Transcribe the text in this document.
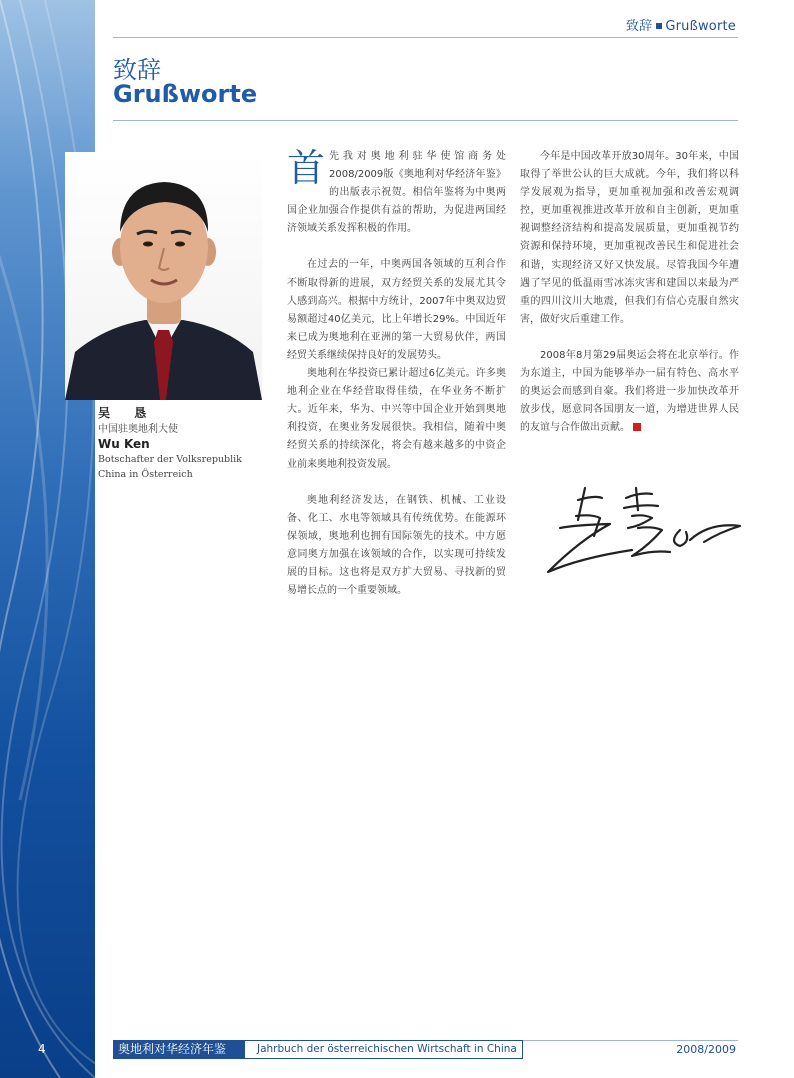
致辞 Grußworte
致辞
Grußworte
吴 恳
中国驻奥地利大使
Wu Ken
Botschafter der Volksrepublik China in Österreich

首先我对奥地利驻华使馆商务处2008/2009版《奥地利对华经济年鉴》的出版表示祝贺。相信年鉴将为中奥两国企业加强合作提供有益的帮助，为促进两国经济领域关系发挥积极的作用。

在过去的一年，中奥两国各领域的互利合作不断取得新的进展，双方经贸关系的发展尤其令人感到高兴。根据中方统计，2007年中奥双边贸易额超过40亿美元，比上年增长29%。中国近年来已成为奥地利在亚洲的第一大贸易伙伴，两国经贸关系继续保持良好的发展势头。

奥地利在华投资已累计超过6亿美元。许多奥地利企业在华经营取得佳绩，在华业务不断扩大。近年来，华为、中兴等中国企业开始到奥地利投资，在奥业务发展很快。我相信，随着中奥经贸关系的持续深化，将会有越来越多的中资企业前来奥地利投资发展。

奥地利经济发达，在钢铁、机械、工业设备、化工、水电等领域具有传统优势。在能源环保领域，奥地利也拥有国际领先的技术。中方愿意同奥方加强在该领域的合作，以实现可持续发展的目标。这也将是双方扩大贸易、寻找新的贸易增长点的一个重要领域。

今年是中国改革开放30周年。30年来，中国取得了举世公认的巨大成就。今年，我们将以科学发展观为指导，更加重视加强和改善宏观调控，更加重视推进改革开放和自主创新，更加重视调整经济结构和提高发展质量，更加重视节约资源和保持环境，更加重视改善民生和促进社会和谐，实现经济又好又快发展。尽管我国今年遭遇了罕见的低温雨雪冰冻灾害和建国以来最为严重的四川汶川大地震，但我们有信心克服自然灾害，做好灾后重建工作。

2008年8月第29届奥运会将在北京举行。作为东道主，中国为能够举办一届有特色、高水平的奥运会而感到自豪。我们将进一步加快改革开放步伐，愿意同各国朋友一道，为增进世界人民的友谊与合作做出贡献。

4	奥地利对华经济年鉴	Jahrbuch der österreichischen Wirtschaft in China	2008/2009
